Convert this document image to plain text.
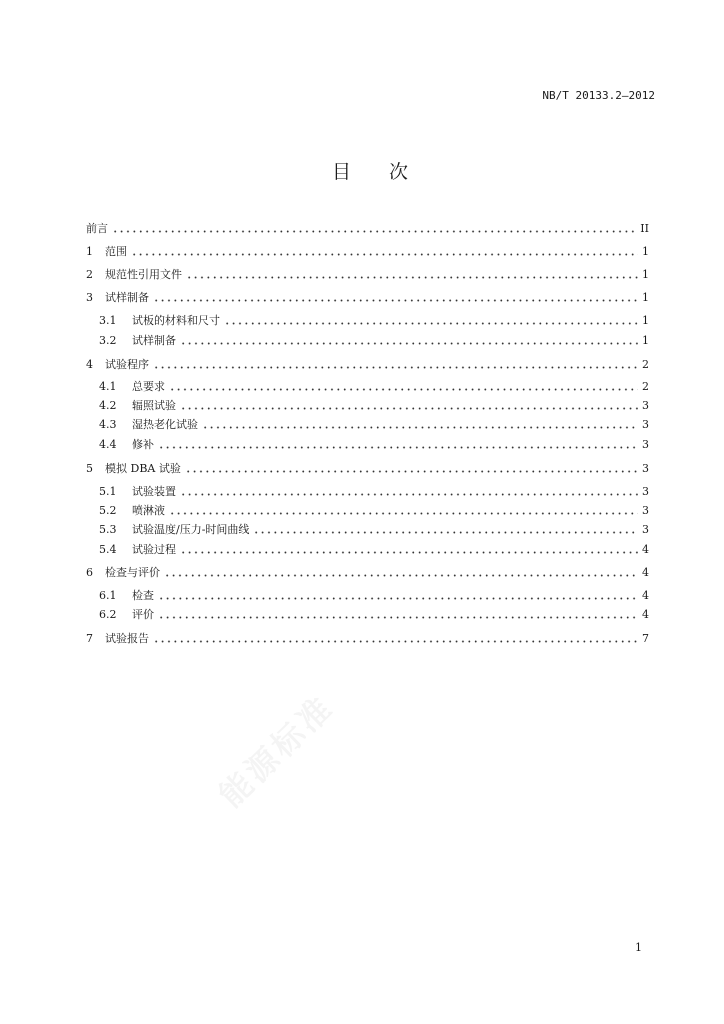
NB/T 20133.2—2012
目　　次
前言	II
1	范围	1
2	规范性引用文件	1
3	试样制备	1
3.1	试板的材料和尺寸	1
3.2	试样制备	1
4	试验程序	2
4.1	总要求	2
4.2	辐照试验	3
4.3	湿热老化试验	3
4.4	修补	3
5	模拟 DBA 试验	3
5.1	试验装置	3
5.2	喷淋液	3
5.3	试验温度/压力-时间曲线	3
5.4	试验过程	4
6	检查与评价	4
6.1	检查	4
6.2	评价	4
7	试验报告	7
1
